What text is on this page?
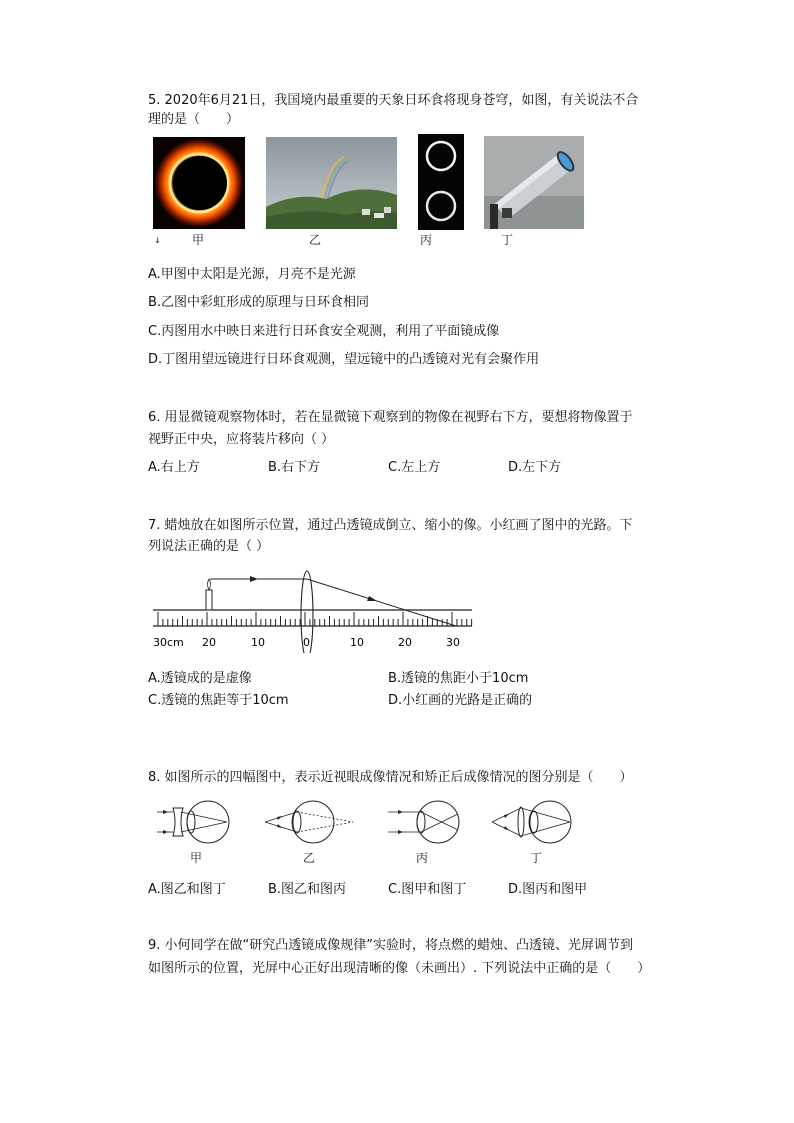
5. 2020年6月21日，我国境内最重要的天象日环食将现身苍穹，如图，有关说法不合
理的是（　　）
↓	甲	乙	丙	丁
A.甲图中太阳是光源，月亮不是光源
B.乙图中彩虹形成的原理与日环食相同
C.丙图用水中映日来进行日环食安全观测，利用了平面镜成像
D.丁图用望远镜进行日环食观测，望远镜中的凸透镜对光有会聚作用
6. 用显微镜观察物体时，若在显微镜下观察到的物像在视野右下方，要想将物像置于
视野正中央，应将装片移向（ ）
A.右上方	B.右下方	C.左上方	D.左下方
7. 蜡烛放在如图所示位置，通过凸透镜成倒立、缩小的像。小红画了图中的光路。下
列说法正确的是（ ）
30cm 20	10	0	10	20	30
A.透镜成的是虚像	B.透镜的焦距小于10cm
C.透镜的焦距等于10cm	D.小红画的光路是正确的
8. 如图所示的四幅图中，表示近视眼成像情况和矫正后成像情况的图分别是（　　）
甲	乙	丙	丁
A.图乙和图丁	B.图乙和图丙	C.图甲和图丁	D.图丙和图甲
9. 小何同学在做“研究凸透镜成像规律”实验时，将点燃的蜡烛、凸透镜、光屏调节到
如图所示的位置，光屏中心正好出现清晰的像（未画出）. 下列说法中正确的是（　　）
